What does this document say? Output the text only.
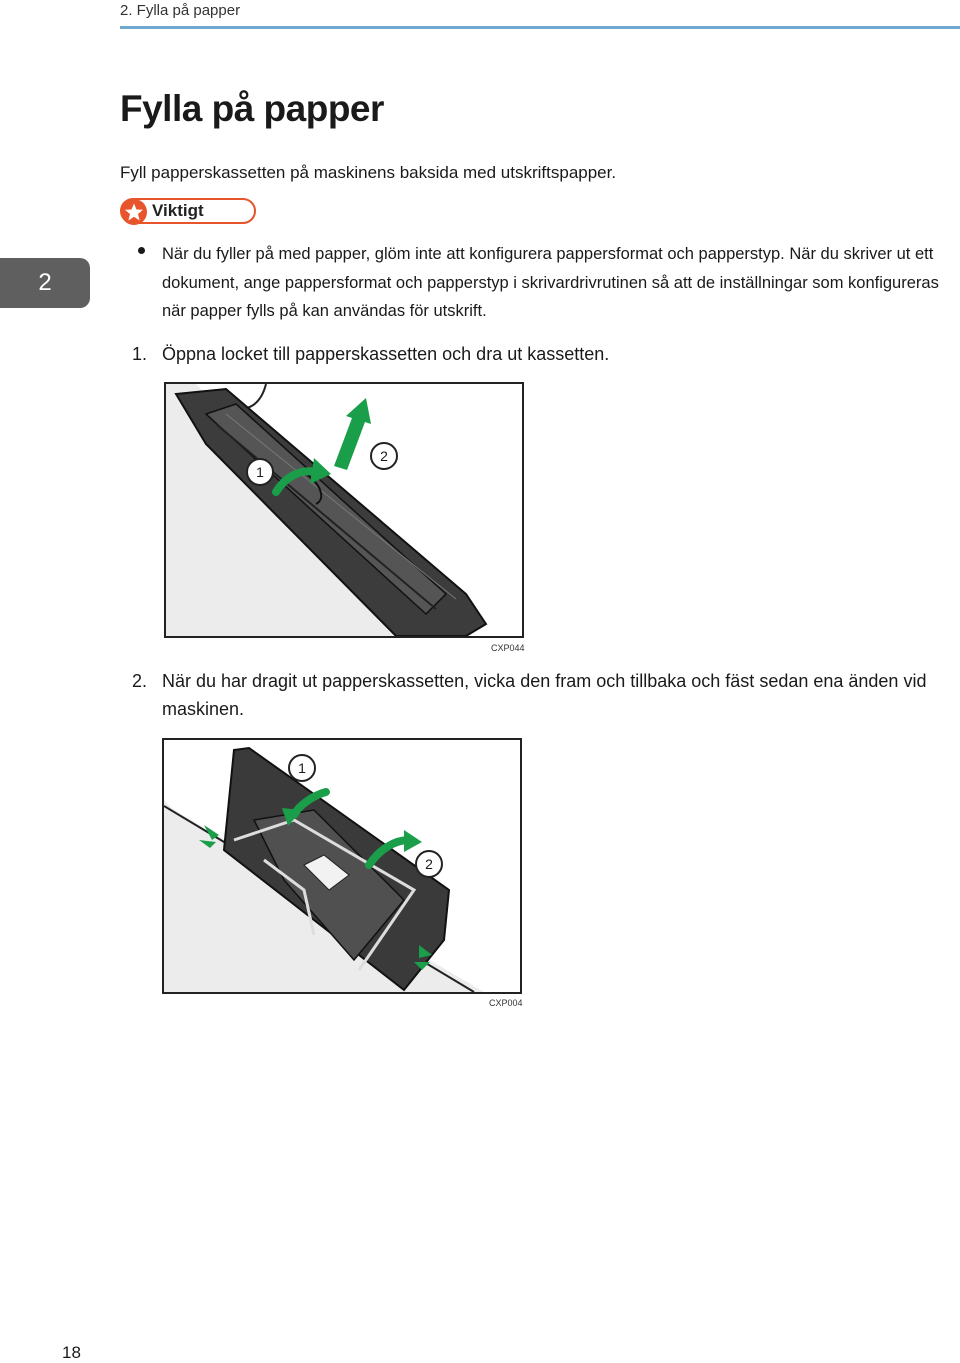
2. Fylla på papper
2
Fylla på papper
Fyll papperskassetten på maskinens baksida med utskriftspapper.
Viktigt
När du fyller på med papper, glöm inte att konfigurera pappersformat och papperstyp. När du skriver ut ett dokument, ange pappersformat och papperstyp i skrivardrivrutinen så att de inställningar som konfigureras när papper fylls på kan användas för utskrift.
1. Öppna locket till papperskassetten och dra ut kassetten.
1
2
CXP044
2. När du har dragit ut papperskassetten, vicka den fram och tillbaka och fäst sedan ena änden vid maskinen.
1
2
CXP004
18
